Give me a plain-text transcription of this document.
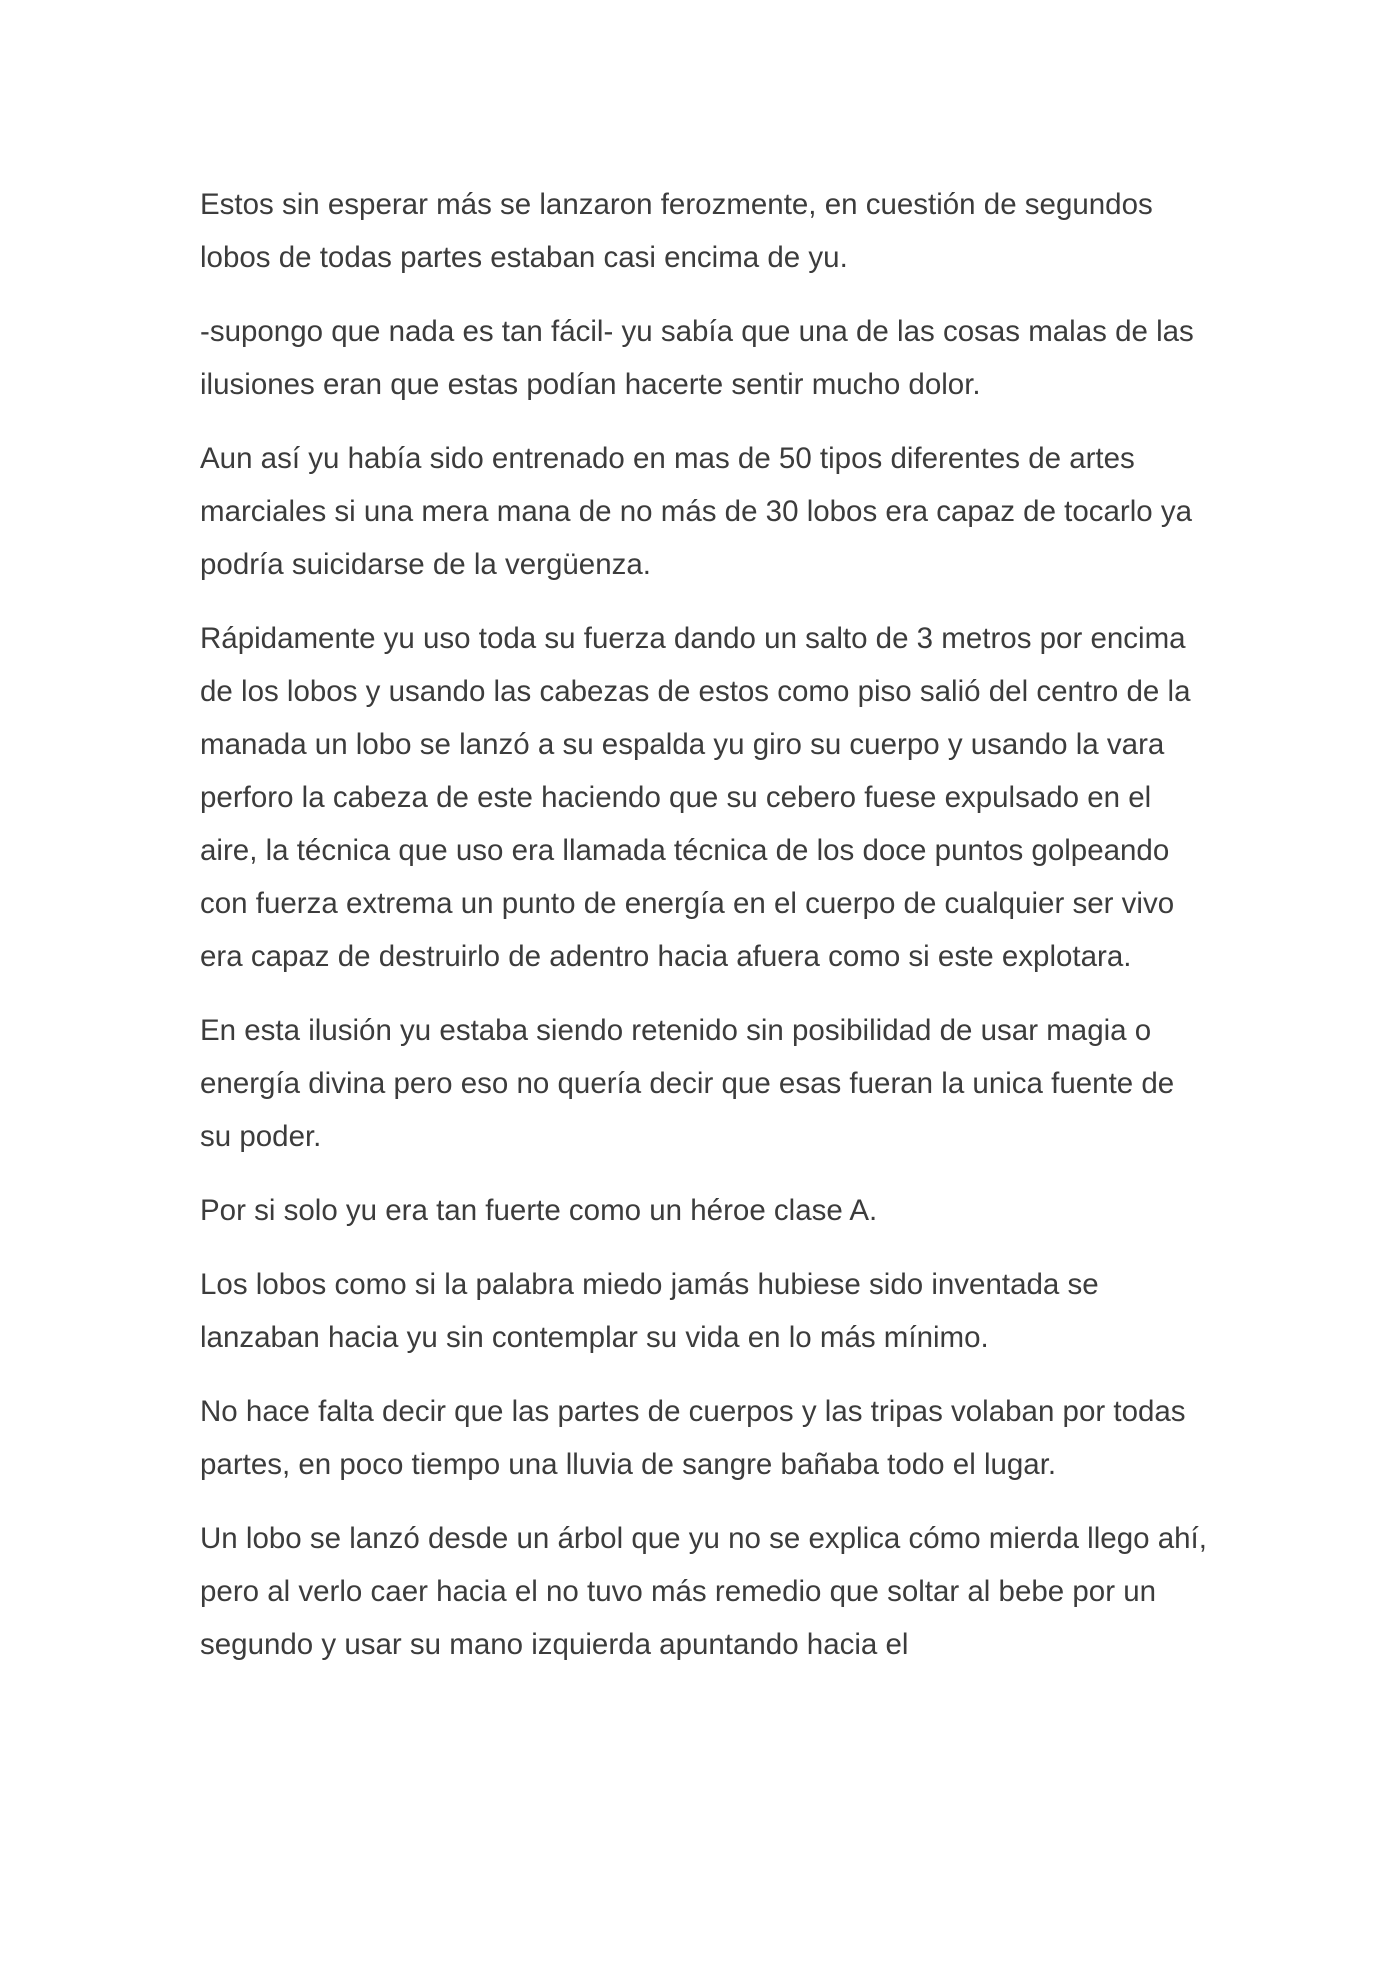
Estos sin esperar más se lanzaron ferozmente, en cuestión de segundos lobos de todas partes estaban casi encima de yu.

-supongo que nada es tan fácil- yu sabía que una de las cosas malas de las ilusiones eran que estas podían hacerte sentir mucho dolor.

Aun así yu había sido entrenado en mas de 50 tipos diferentes de artes marciales si una mera mana de no más de 30 lobos era capaz de tocarlo ya podría suicidarse de la vergüenza.

Rápidamente yu uso toda su fuerza dando un salto de 3 metros por encima de los lobos y usando las cabezas de estos como piso salió del centro de la manada un lobo se lanzó a su espalda yu giro su cuerpo y usando la vara perforo la cabeza de este haciendo que su cebero fuese expulsado en el aire, la técnica que uso era llamada técnica de los doce puntos golpeando con fuerza extrema un punto de energía en el cuerpo de cualquier ser vivo era capaz de destruirlo de adentro hacia afuera como si este explotara.

En esta ilusión yu estaba siendo retenido sin posibilidad de usar magia o energía divina pero eso no quería decir que esas fueran la unica fuente de su poder.

Por si solo yu era tan fuerte como un héroe clase A.

Los lobos como si la palabra miedo jamás hubiese sido inventada se lanzaban hacia yu sin contemplar su vida en lo más mínimo.

No hace falta decir que las partes de cuerpos y las tripas volaban por todas partes, en poco tiempo una lluvia de sangre bañaba todo el lugar.

Un lobo se lanzó desde un árbol que yu no se explica cómo mierda llego ahí, pero al verlo caer hacia el no tuvo más remedio que soltar al bebe por un segundo y usar su mano izquierda apuntando hacia el
